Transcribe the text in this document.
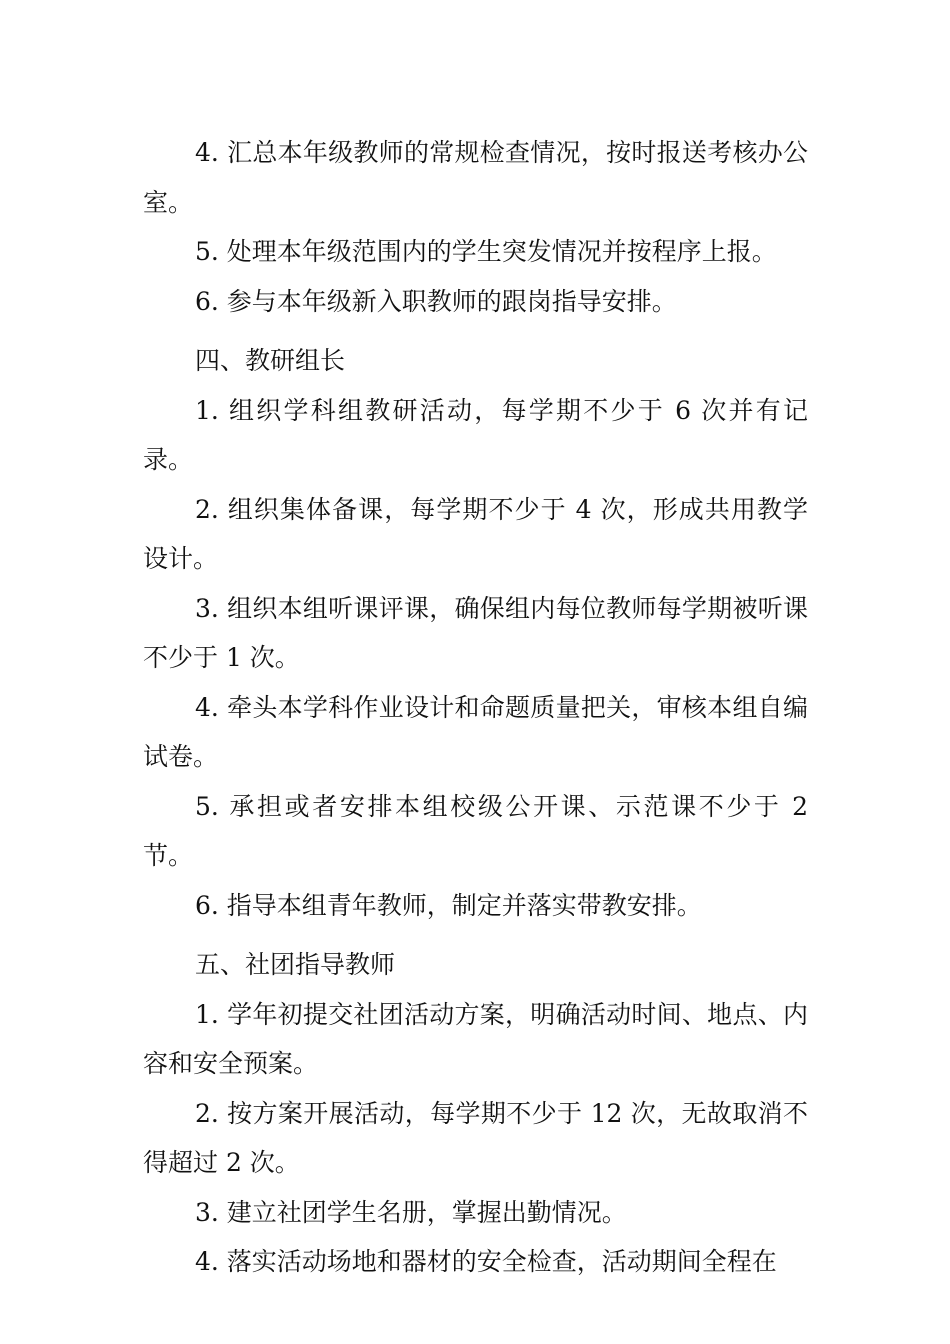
4. 汇总本年级教师的常规检查情况，按时报送考核办公室。

5. 处理本年级范围内的学生突发情况并按程序上报。

6. 参与本年级新入职教师的跟岗指导安排。

四、教研组长

1. 组织学科组教研活动，每学期不少于 6 次并有记录。

2. 组织集体备课，每学期不少于 4 次，形成共用教学设计。

3. 组织本组听课评课，确保组内每位教师每学期被听课不少于 1 次。

4. 牵头本学科作业设计和命题质量把关，审核本组自编试卷。

5. 承担或者安排本组校级公开课、示范课不少于 2 节。

6. 指导本组青年教师，制定并落实带教安排。

五、社团指导教师

1. 学年初提交社团活动方案，明确活动时间、地点、内容和安全预案。

2. 按方案开展活动，每学期不少于 12 次，无故取消不得超过 2 次。

3. 建立社团学生名册，掌握出勤情况。

4. 落实活动场地和器材的安全检查，活动期间全程在
